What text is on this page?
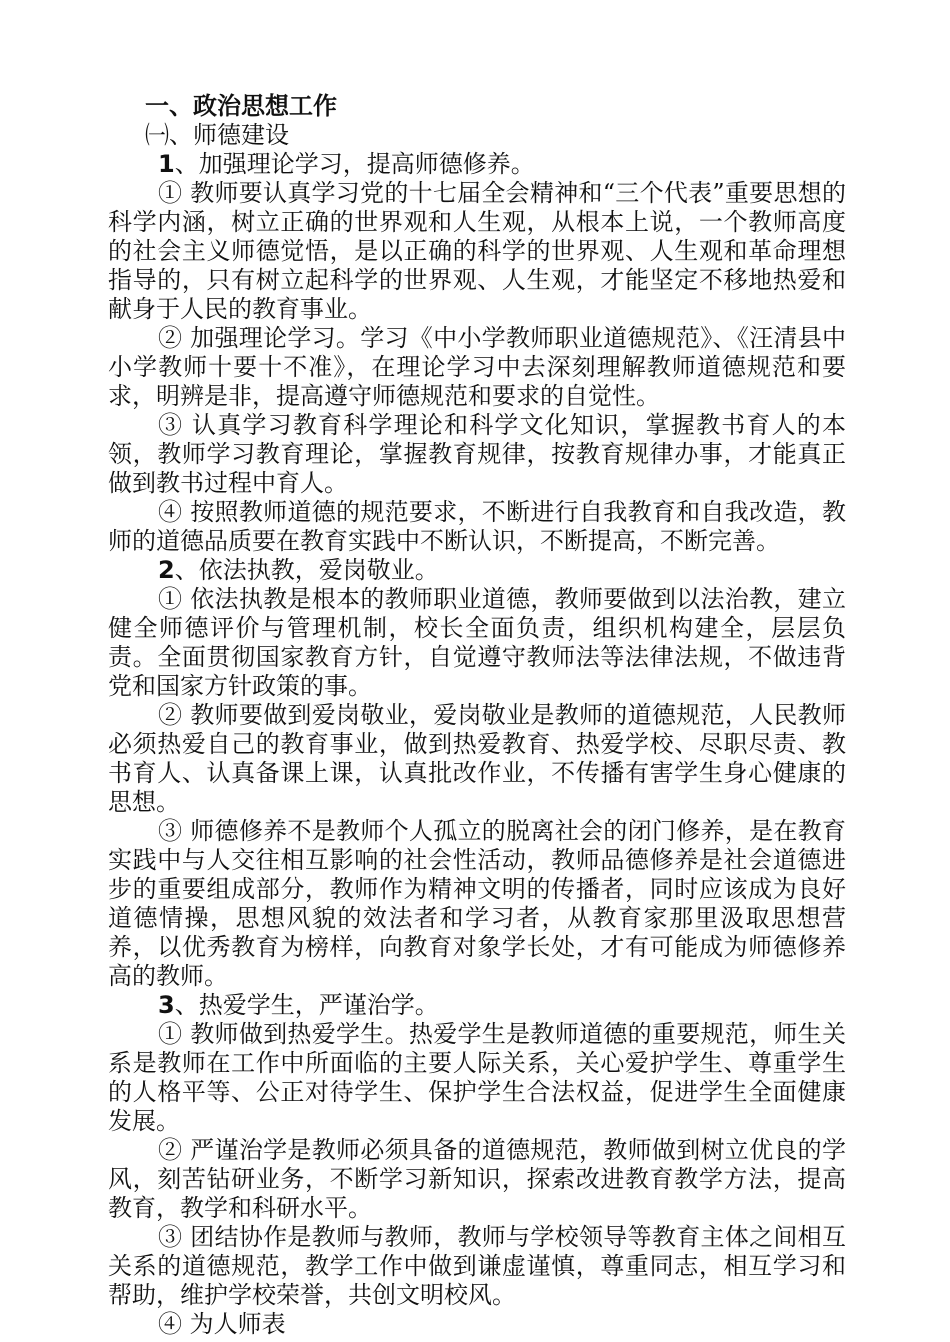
一、政治思想工作

㈠、师德建设

1、加强理论学习，提高师德修养。

① 教师要认真学习党的十七届全会精神和“三个代表”重要思想的科学内涵，树立正确的世界观和人生观，从根本上说，一个教师高度的社会主义师德觉悟，是以正确的科学的世界观、人生观和革命理想指导的，只有树立起科学的世界观、人生观，才能坚定不移地热爱和献身于人民的教育事业。

② 加强理论学习。学习《中小学教师职业道德规范》、《汪清县中小学教师十要十不准》，在理论学习中去深刻理解教师道德规范和要求，明辨是非，提高遵守师德规范和要求的自觉性。

③ 认真学习教育科学理论和科学文化知识，掌握教书育人的本领，教师学习教育理论，掌握教育规律，按教育规律办事，才能真正做到教书过程中育人。

④ 按照教师道德的规范要求，不断进行自我教育和自我改造，教师的道德品质要在教育实践中不断认识，不断提高，不断完善。

2、依法执教，爱岗敬业。

① 依法执教是根本的教师职业道德，教师要做到以法治教，建立健全师德评价与管理机制，校长全面负责，组织机构建全，层层负责。全面贯彻国家教育方针，自觉遵守教师法等法律法规，不做违背党和国家方针政策的事。

② 教师要做到爱岗敬业，爱岗敬业是教师的道德规范，人民教师必须热爱自己的教育事业，做到热爱教育、热爱学校、尽职尽责、教书育人、认真备课上课，认真批改作业，不传播有害学生身心健康的思想。

③ 师德修养不是教师个人孤立的脱离社会的闭门修养，是在教育实践中与人交往相互影响的社会性活动，教师品德修养是社会道德进步的重要组成部分，教师作为精神文明的传播者，同时应该成为良好道德情操，思想风貌的效法者和学习者，从教育家那里汲取思想营养，以优秀教育为榜样，向教育对象学长处，才有可能成为师德修养高的教师。

3、热爱学生，严谨治学。

① 教师做到热爱学生。热爱学生是教师道德的重要规范，师生关系是教师在工作中所面临的主要人际关系，关心爱护学生、尊重学生的人格平等、公正对待学生、保护学生合法权益，促进学生全面健康发展。

② 严谨治学是教师必须具备的道德规范，教师做到树立优良的学风，刻苦钻研业务，不断学习新知识，探索改进教育教学方法，提高教育，教学和科研水平。

③ 团结协作是教师与教师，教师与学校领导等教育主体之间相互关系的道德规范，教学工作中做到谦虚谨慎，尊重同志，相互学习和帮助，维护学校荣誉，共创文明校风。

④ 为人师表
